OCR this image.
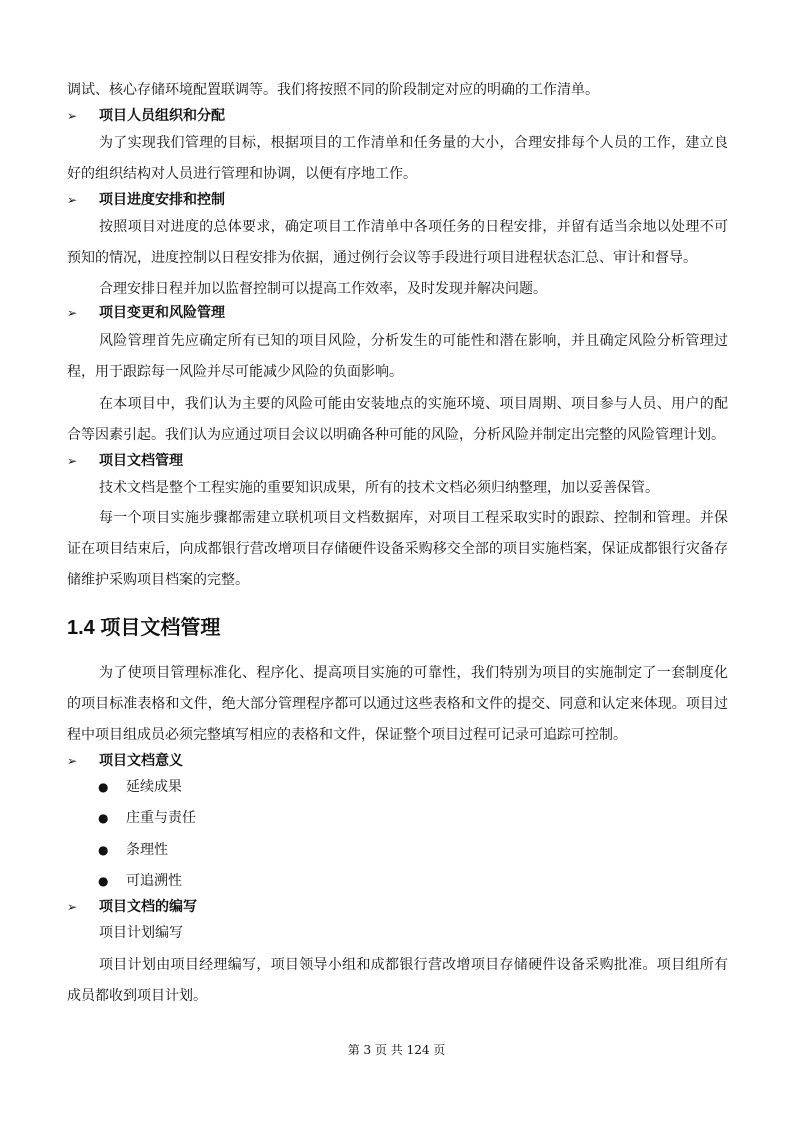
调试、核心存储环境配置联调等。我们将按照不同的阶段制定对应的明确的工作清单。
➢ 项目人员组织和分配
为了实现我们管理的目标，根据项目的工作清单和任务量的大小，合理安排每个人员的工作，建立良好的组织结构对人员进行管理和协调，以便有序地工作。
➢ 项目进度安排和控制
按照项目对进度的总体要求，确定项目工作清单中各项任务的日程安排，并留有适当余地以处理不可预知的情况，进度控制以日程安排为依据，通过例行会议等手段进行项目进程状态汇总、审计和督导。
合理安排日程并加以监督控制可以提高工作效率，及时发现并解决问题。
➢ 项目变更和风险管理
风险管理首先应确定所有已知的项目风险，分析发生的可能性和潜在影响，并且确定风险分析管理过程，用于跟踪每一风险并尽可能减少风险的负面影响。
在本项目中，我们认为主要的风险可能由安装地点的实施环境、项目周期、项目参与人员、用户的配合等因素引起。我们认为应通过项目会议以明确各种可能的风险，分析风险并制定出完整的风险管理计划。
➢ 项目文档管理
技术文档是整个工程实施的重要知识成果，所有的技术文档必须归纳整理，加以妥善保管。
每一个项目实施步骤都需建立联机项目文档数据库，对项目工程采取实时的跟踪、控制和管理。并保证在项目结束后，向成都银行营改增项目存储硬件设备采购移交全部的项目实施档案，保证成都银行灾备存储维护采购项目档案的完整。
1.4 项目文档管理
为了使项目管理标准化、程序化、提高项目实施的可靠性，我们特别为项目的实施制定了一套制度化的项目标准表格和文件，绝大部分管理程序都可以通过这些表格和文件的提交、同意和认定来体现。项目过程中项目组成员必须完整填写相应的表格和文件，保证整个项目过程可记录可追踪可控制。
➢ 项目文档意义
● 延续成果
● 庄重与责任
● 条理性
● 可追溯性
➢ 项目文档的编写
项目计划编写
项目计划由项目经理编写，项目领导小组和成都银行营改增项目存储硬件设备采购批准。项目组所有成员都收到项目计划。
第 3 页 共 124 页
